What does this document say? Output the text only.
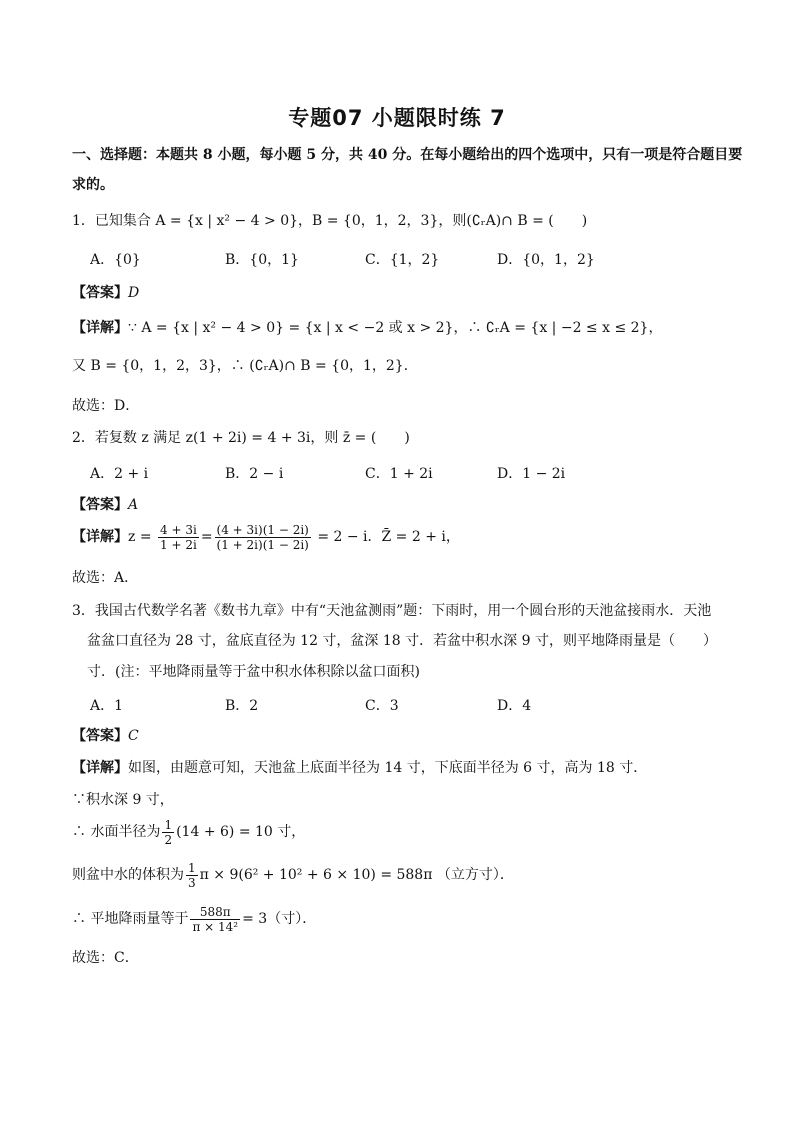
专题07 小题限时练 7
一、选择题：本题共 8 小题，每小题 5 分，共 40 分。在每小题给出的四个选项中，只有一项是符合题目要
求的。
1．已知集合 A = {x | x² − 4 > 0}，B = {0，1，2，3}，则(∁ᵣA)∩ B = (　　)
A．{0}	B．{0，1}	C．{1，2}	D．{0，1，2}
【答案】D
【详解】∵ A = {x | x² − 4 > 0} = {x | x < −2 或 x > 2}，∴ ∁ᵣA = {x | −2 ≤ x ≤ 2}，
又 B = {0，1，2，3}，∴ (∁ᵣA)∩ B = {0，1，2}．
故选：D．
2．若复数 z 满足 z(1 + 2i) = 4 + 3i，则 z̄ = (　　)
A．2 + i	B．2 − i	C．1 + 2i	D．1 − 2i
【答案】A
【详解】$z = \frac{4 + 3i}{1 + 2i} = \frac{(4 + 3i)(1 - 2i)}{(1 + 2i)(1 - 2i)} = 2 - i$．Z̄ = 2 + i，
故选：A．
3．我国古代数学名著《数书九章》中有“天池盆测雨”题：下雨时，用一个圆台形的天池盆接雨水．天池
盆盆口直径为 28 寸，盆底直径为 12 寸，盆深 18 寸．若盆中积水深 9 寸，则平地降雨量是（　　）
寸．(注：平地降雨量等于盆中积水体积除以盆口面积)
A．1	B．2	C．3	D．4
【答案】C
【详解】如图，由题意可知，天池盆上底面半径为 14 寸，下底面半径为 6 寸，高为 18 寸．
∵积水深 9 寸，
∴ 水面半径为 $\frac{1}{2} (14 + 6) = 10$ 寸，
则盆中水的体积为 $\frac{1}{3}$ π × 9(6² + 10² + 6 × 10) = 588π （立方寸）．
∴ 平地降雨量等于 $\frac{588\pi}{\text{π × 14²}} = 3$（寸）．
故选：C．
